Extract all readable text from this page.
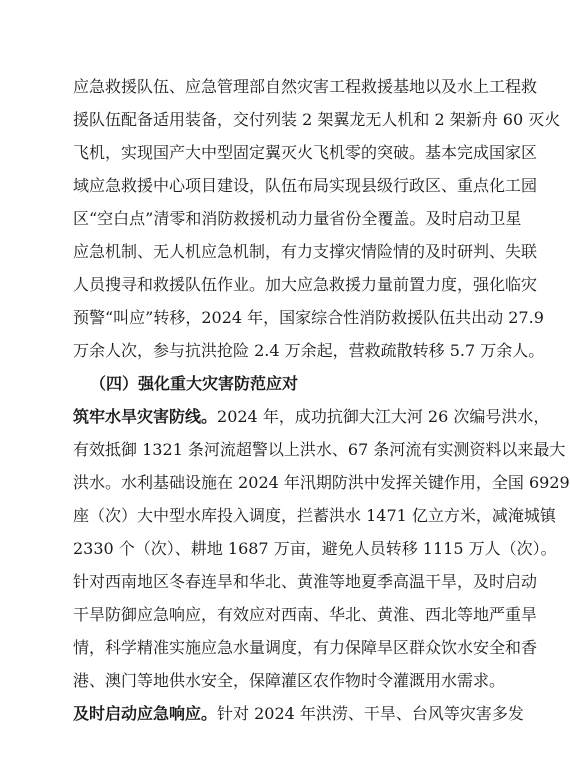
应急救援队伍、应急管理部自然灾害工程救援基地以及水上工程救
援队伍配备适用装备，交付列装 2 架翼龙无人机和 2 架新舟 60 灭火
飞机，实现国产大中型固定翼灭火飞机零的突破。基本完成国家区
域应急救援中心项目建设，队伍布局实现县级行政区、重点化工园
区“空白点”清零和消防救援机动力量省份全覆盖。及时启动卫星
应急机制、无人机应急机制，有力支撑灾情险情的及时研判、失联
人员搜寻和救援队伍作业。加大应急救援力量前置力度，强化临灾
预警“叫应”转移，2024 年，国家综合性消防救援队伍共出动 27.9
万余人次，参与抗洪抢险 2.4 万余起，营救疏散转移 5.7 万余人。
（四）强化重大灾害防范应对
筑牢水旱灾害防线。2024 年，成功抗御大江大河 26 次编号洪水，
有效抵御 1321 条河流超警以上洪水、67 条河流有实测资料以来最大
洪水。水利基础设施在 2024 年汛期防洪中发挥关键作用，全国 6929
座（次）大中型水库投入调度，拦蓄洪水 1471 亿立方米，减淹城镇
2330 个（次）、耕地 1687 万亩，避免人员转移 1115 万人（次）。
针对西南地区冬春连旱和华北、黄淮等地夏季高温干旱，及时启动
干旱防御应急响应，有效应对西南、华北、黄淮、西北等地严重旱
情，科学精准实施应急水量调度，有力保障旱区群众饮水安全和香
港、澳门等地供水安全，保障灌区农作物时令灌溉用水需求。
及时启动应急响应。针对 2024 年洪涝、干旱、台风等灾害多发
